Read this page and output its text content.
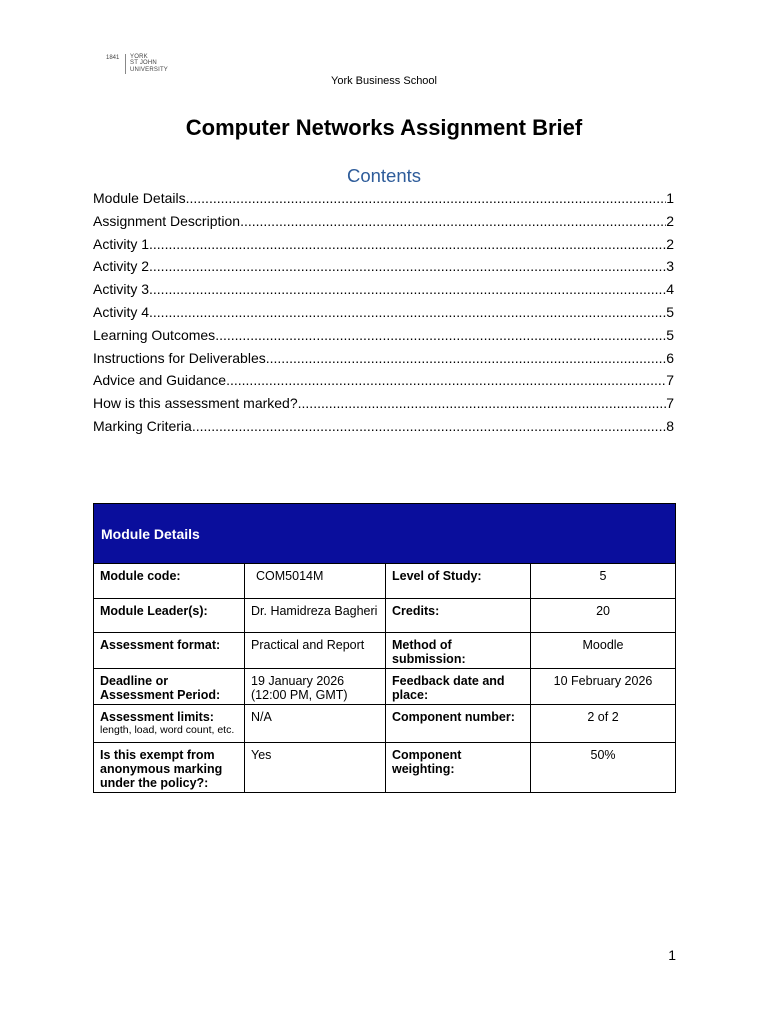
1841	YORK
ST JOHN
UNIVERSITY
York Business School
Computer Networks Assignment Brief
Contents
Module Details .....	1
Assignment Description .....	2
Activity 1 .....	2
Activity 2 .....	3
Activity 3 .....	4
Activity 4 .....	5
Learning Outcomes .....	5
Instructions for Deliverables .....	6
Advice and Guidance .....	7
How is this assessment marked? .....	7
Marking Criteria .....	8
Module Details			
Module code:	COM5014M	Level of Study:	5
Module Leader(s):	Dr. Hamidreza Bagheri	Credits:	20
Assessment format:	Practical and Report	Method of submission:	Moodle
Deadline or Assessment Period:	19 January 2026 (12:00 PM, GMT)	Feedback date and place:	10 February 2026
Assessment limits:
length, load, word count, etc.	N/A	Component number:	2 of 2
Is this exempt from anonymous marking under the policy?:	Yes	Component weighting:	50%
1
